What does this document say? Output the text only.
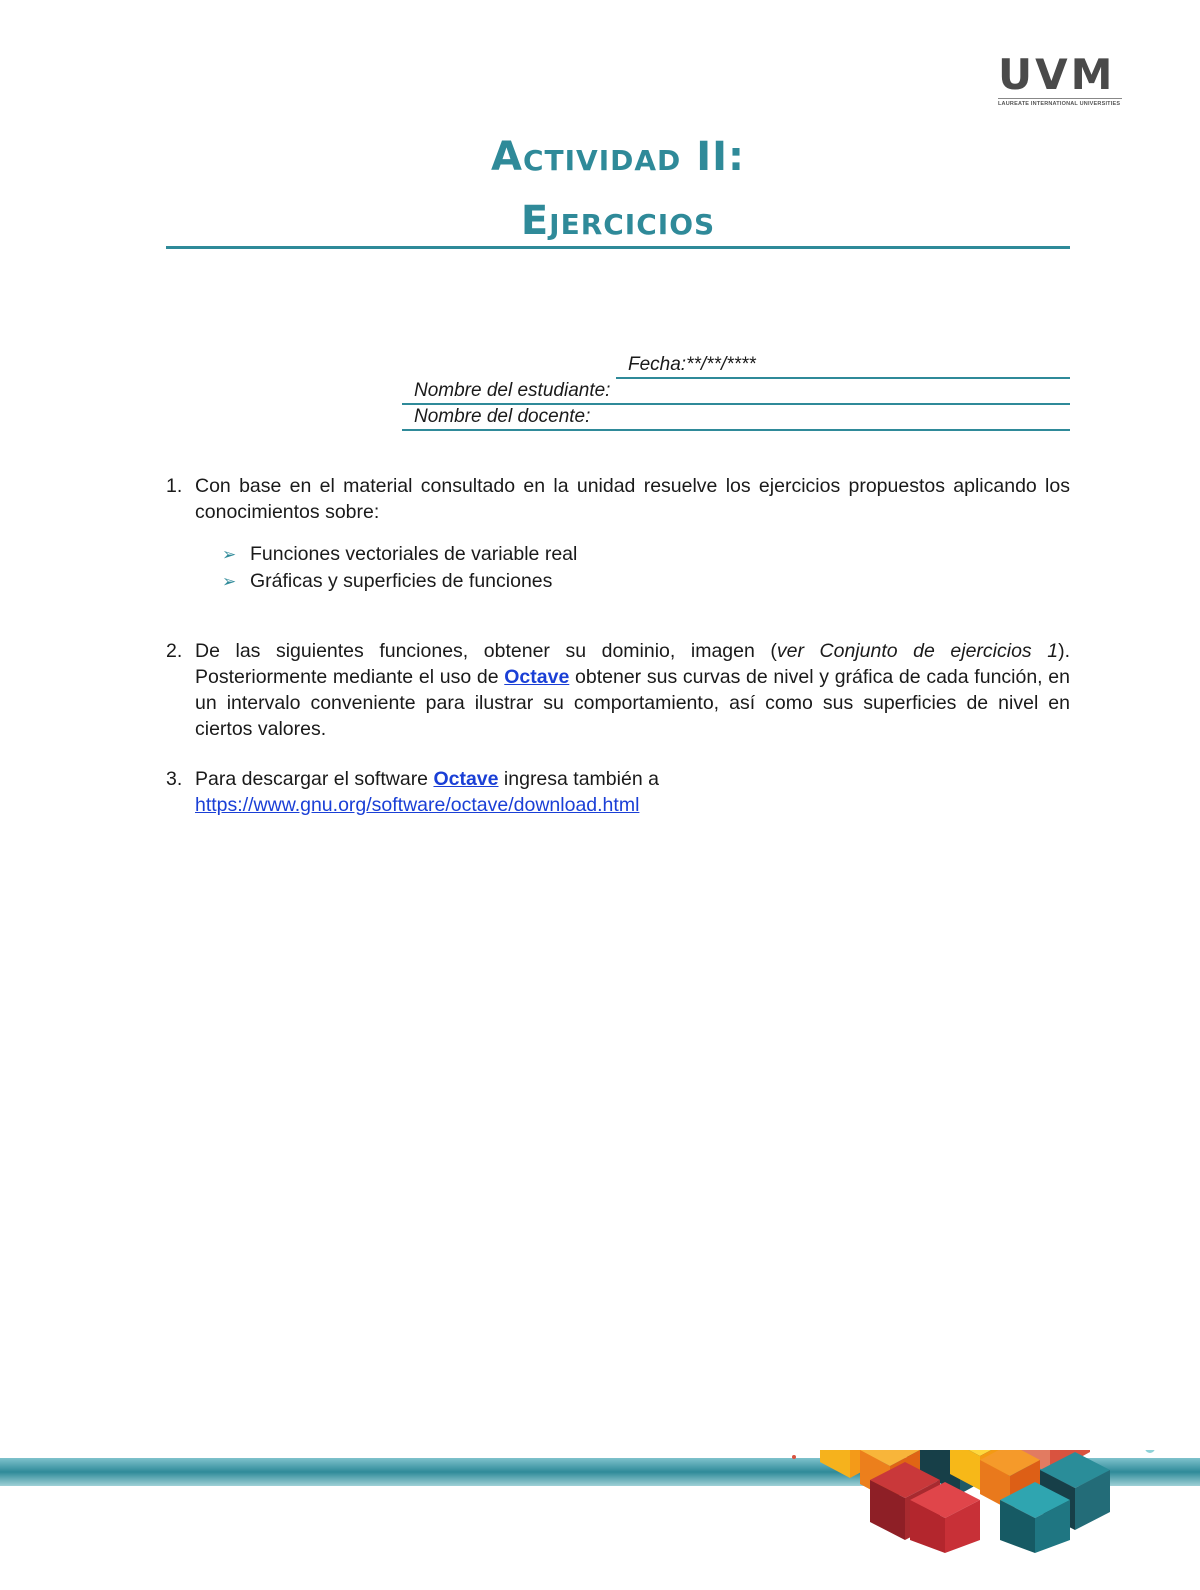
UVM
LAUREATE INTERNATIONAL UNIVERSITIES
Actividad II:
Ejercicios
Fecha:**/**/****
Nombre del estudiante:
Nombre del docente:
1. Con base en el material consultado en la unidad resuelve los ejercicios propuestos aplicando los conocimientos sobre:
➢ Funciones vectoriales de variable real
➢ Gráficas y superficies de funciones
2. De las siguientes funciones, obtener su dominio, imagen (ver Conjunto de ejercicios 1). Posteriormente mediante el uso de Octave obtener sus curvas de nivel y gráfica de cada función, en un intervalo conveniente para ilustrar su comportamiento, así como sus superficies de nivel en ciertos valores.
3. Para descargar el software Octave ingresa también a
https://www.gnu.org/software/octave/download.html
